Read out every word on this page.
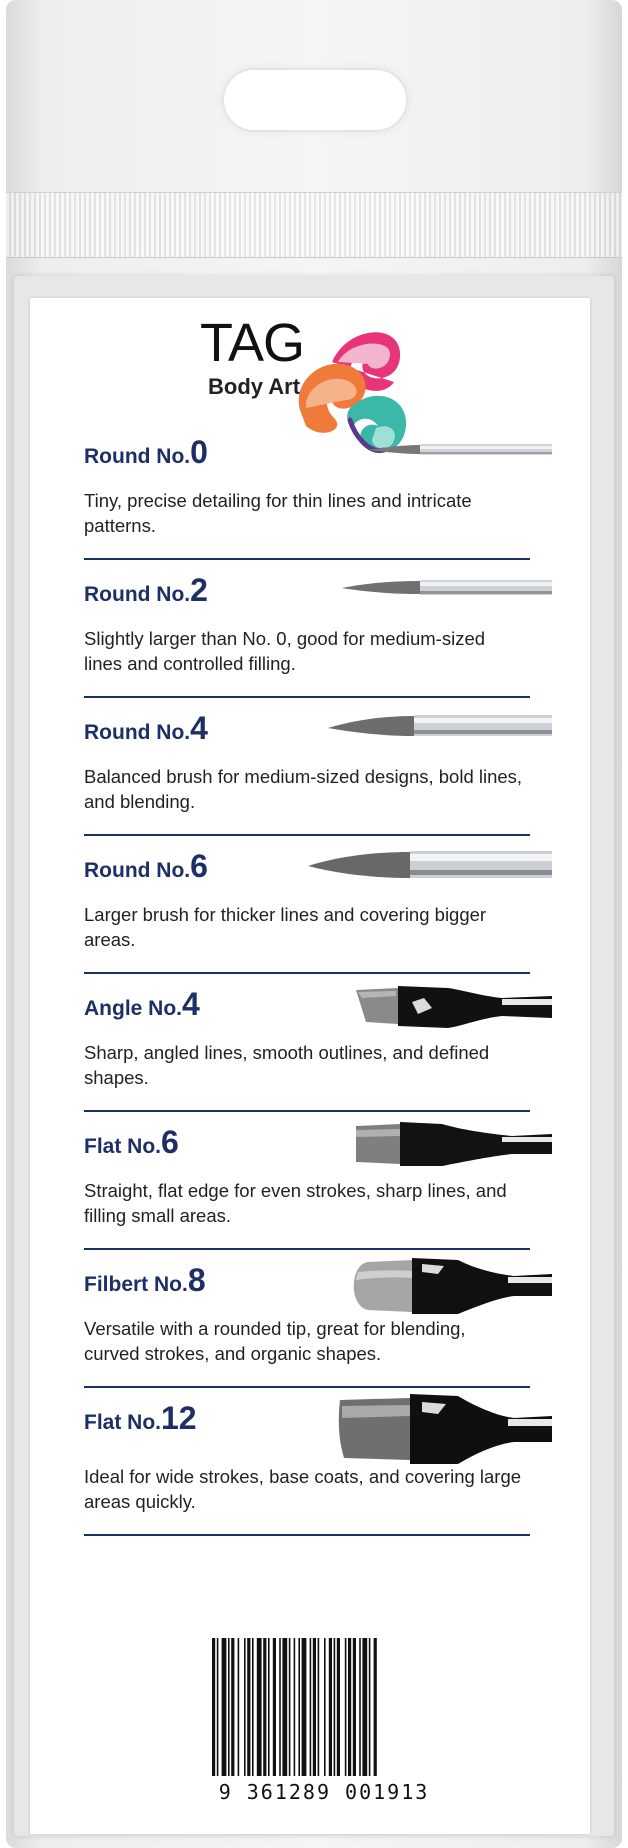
TAG
Body Art
Round No.0
Tiny, precise detailing for thin lines and intricate patterns.
Round No.2
Slightly larger than No. 0, good for medium-sized lines and controlled filling.
Round No.4
Balanced brush for medium-sized designs, bold lines, and blending.
Round No.6
Larger brush for thicker lines and covering bigger areas.
Angle No.4
Sharp, angled lines, smooth outlines, and defined shapes.
Flat No.6
Straight, flat edge for even strokes, sharp lines, and filling small areas.
Filbert No.8
Versatile with a rounded tip, great for blending, curved strokes, and organic shapes.
Flat No.12
Ideal for wide strokes, base coats, and covering large areas quickly.
9 361289 001913
